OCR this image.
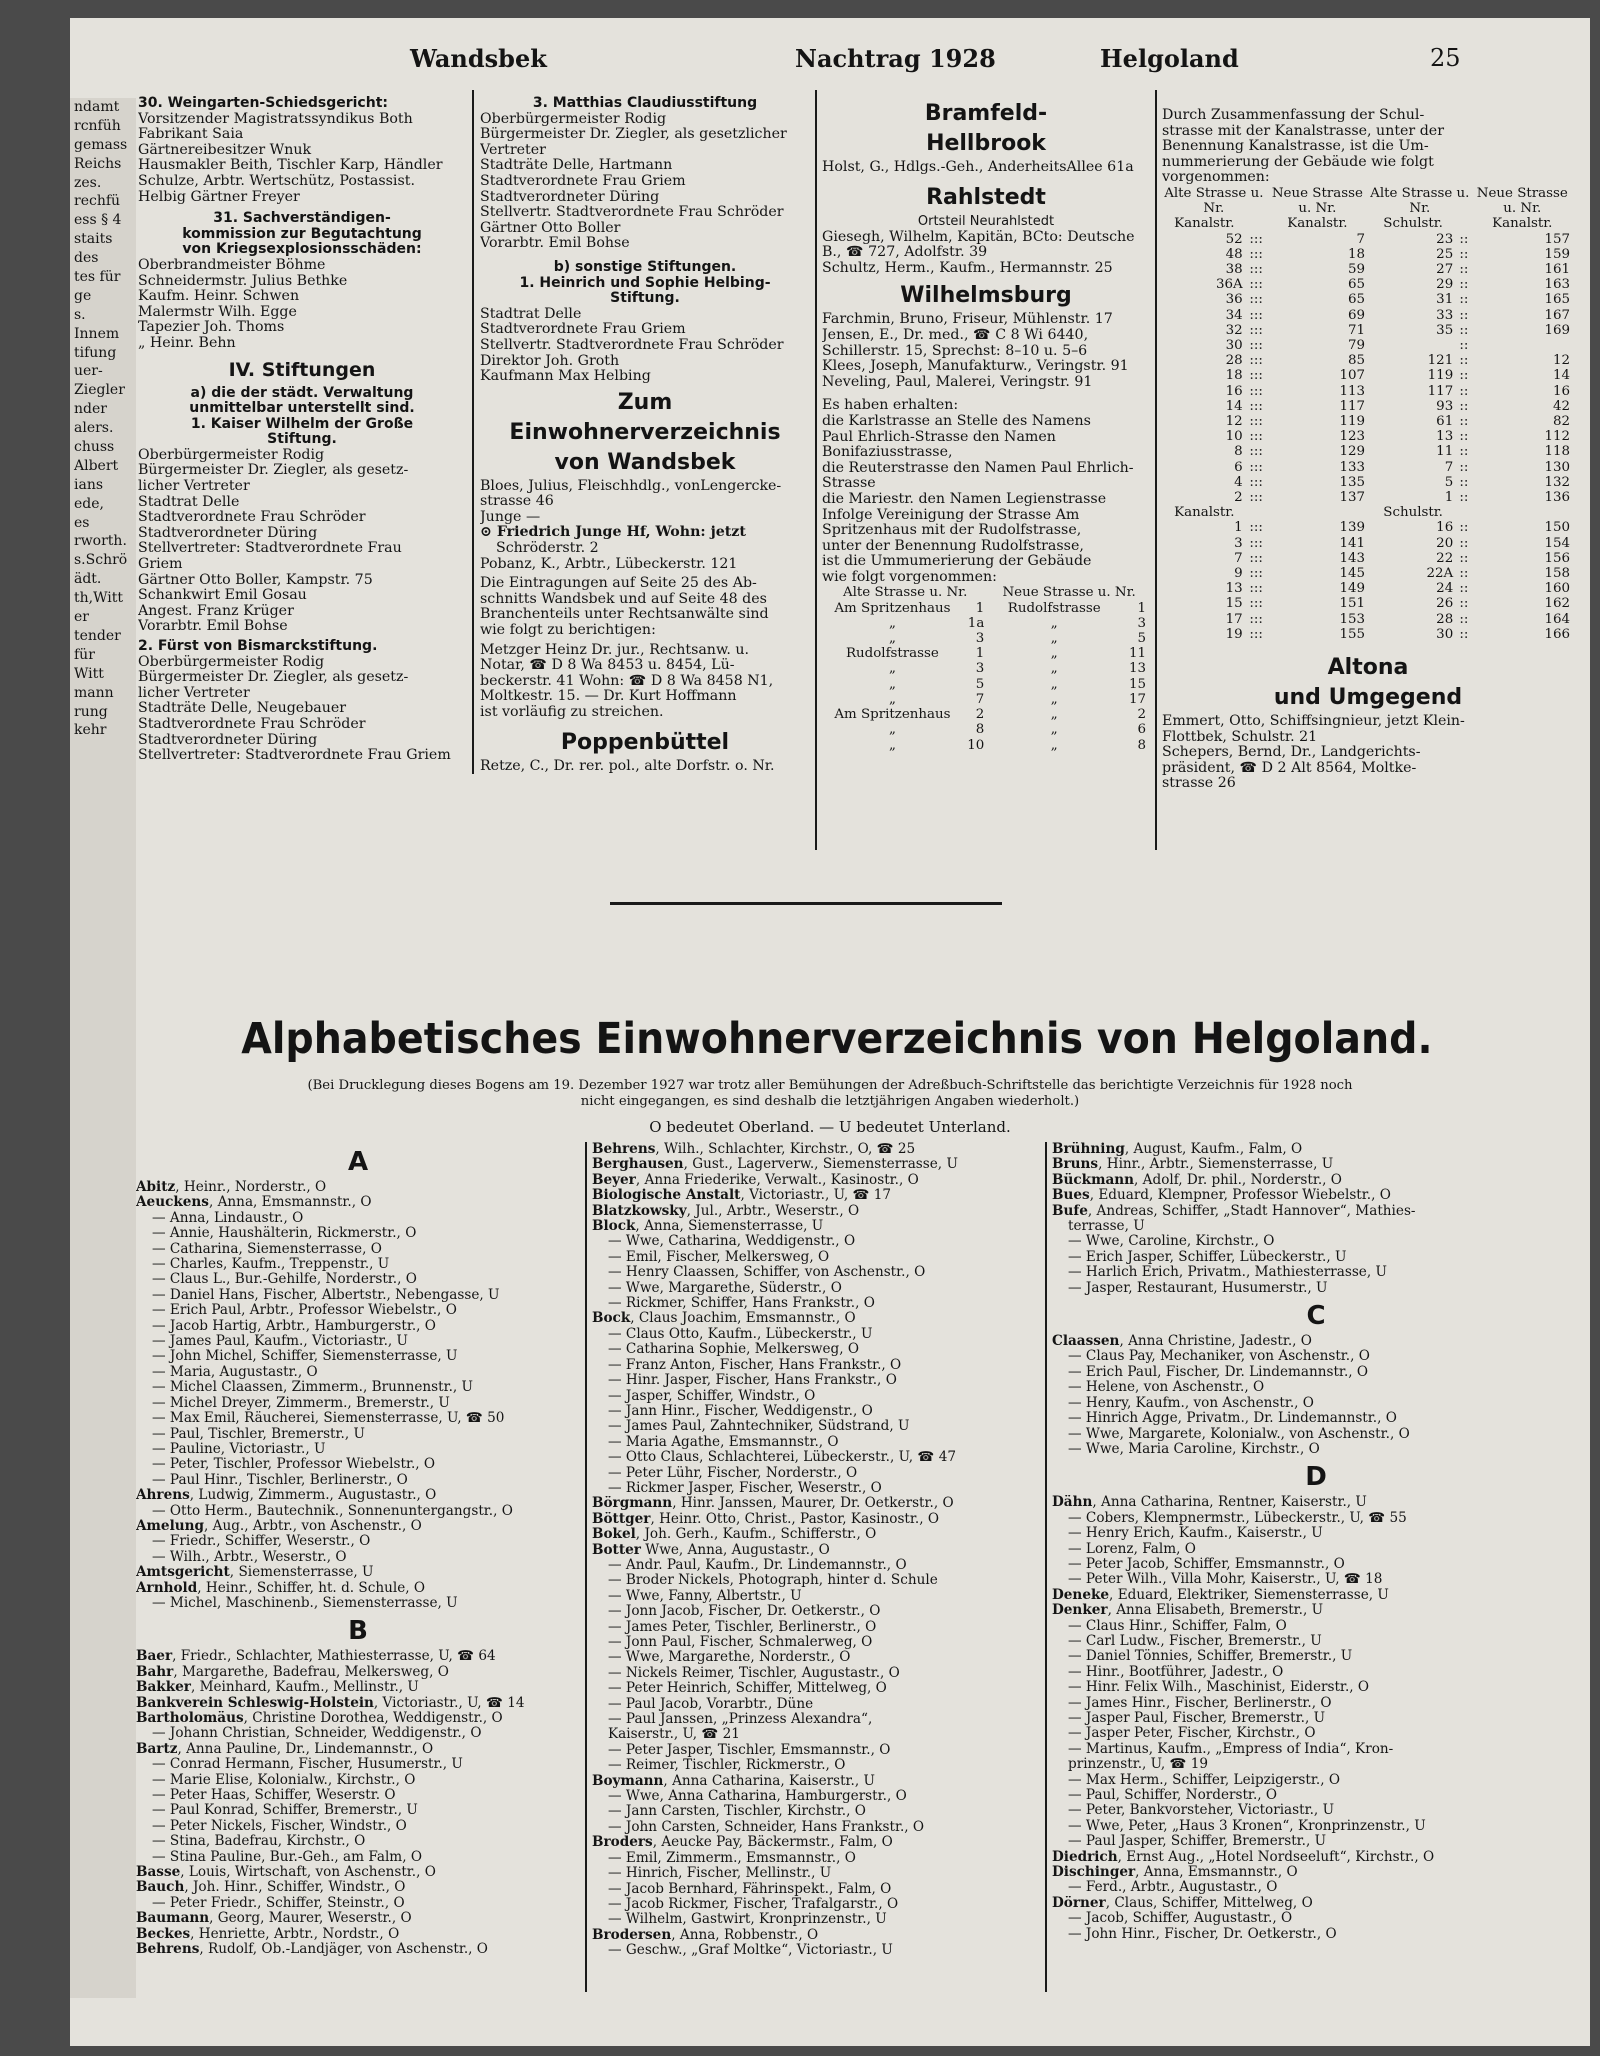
ndamt
rcnfüh
gemass
Reichs
zes.
rechfü
ess § 4
staits
des
tes für
ge
s.
Innem
tifung
uer-
Ziegler
nder
alers.
chuss
Albert
ians
ede,
es
rworth.
s.Schrö
ädt.
th,Witt
er
tender
für
Witt
mann
rung
kehr
Wandsbek	Nachtrag 1928	Helgoland	25
30. Weingarten-Schiedsgericht:
Vorsitzender Magistratssyndikus Both
Fabrikant Saia
Gärtnereibesitzer Wnuk
Hausmakler Beith, Tischler Karp, Händler
Schulze, Arbtr. Wertschütz, Postassist.
Helbig Gärtner Freyer
31. Sachverständigen-
kommission zur Begutachtung
von Kriegsexplosionsschäden:
Oberbrandmeister Böhme
Schneidermstr. Julius Bethke
Kaufm. Heinr. Schwen
Malermstr Wilh. Egge
Tapezier Joh. Thoms
„ Heinr. Behn
IV. Stiftungen
a) die der städt. Verwaltung
unmittelbar unterstellt sind.
1. Kaiser Wilhelm der Große
Stiftung.
Oberbürgermeister Rodig
Bürgermeister Dr. Ziegler, als gesetz-
licher Vertreter
Stadtrat Delle
Stadtverordnete Frau Schröder
Stadtverordneter Düring
Stellvertreter: Stadtverordnete Frau
Griem
Gärtner Otto Boller, Kampstr. 75
Schankwirt Emil Gosau
Angest. Franz Krüger
Vorarbtr. Emil Bohse
2. Fürst von Bismarckstiftung.
Oberbürgermeister Rodig
Bürgermeister Dr. Ziegler, als gesetz-
licher Vertreter
Stadträte Delle, Neugebauer
Stadtverordnete Frau Schröder
Stadtverordneter Düring
Stellvertreter: Stadtverordnete Frau Griem
3. Matthias Claudiusstiftung
Oberbürgermeister Rodig
Bürgermeister Dr. Ziegler, als gesetzlicher
Vertreter
Stadträte Delle, Hartmann
Stadtverordnete Frau Griem
Stadtverordneter Düring
Stellvertr. Stadtverordnete Frau Schröder
Gärtner Otto Boller
Vorarbtr. Emil Bohse
b) sonstige Stiftungen.
1. Heinrich und Sophie Helbing-
Stiftung.
Stadtrat Delle
Stadtverordnete Frau Griem
Stellvertr. Stadtverordnete Frau Schröder
Direktor Joh. Groth
Kaufmann Max Helbing
Zum
Einwohnerverzeichnis
von Wandsbek
Bloes, Julius, Fleischhdlg., vonLengercke-
strasse 46
Junge —
⊙ Friedrich Junge Hf, Wohn: jetzt
Schröderstr. 2
Pobanz, K., Arbtr., Lübeckerstr. 121
Die Eintragungen auf Seite 25 des Ab-
schnitts Wandsbek und auf Seite 48 des
Branchenteils unter Rechtsanwälte sind
wie folgt zu berichtigen:
Metzger Heinz Dr. jur., Rechtsanw. u.
Notar, ☎ D 8 Wa 8453 u. 8454, Lü-
beckerstr. 41 Wohn: ☎ D 8 Wa 8458 N1,
Moltkestr. 15. — Dr. Kurt Hoffmann
ist vorläufig zu streichen.
Poppenbüttel
Retze, C., Dr. rer. pol., alte Dorfstr. o. Nr.
Bramfeld-
Hellbrook
Holst, G., Hdlgs.-Geh., AnderheitsAllee 61a
Rahlstedt
Ortsteil Neurahlstedt
Giesegh, Wilhelm, Kapitän, BCto: Deutsche
B., ☎ 727, Adolfstr. 39
Schultz, Herm., Kaufm., Hermannstr. 25
Wilhelmsburg
Farchmin, Bruno, Friseur, Mühlenstr. 17
Jensen, E., Dr. med., ☎ C 8 Wi 6440,
Schillerstr. 15, Sprechst: 8–10 u. 5–6
Klees, Joseph, Manufakturw., Veringstr. 91
Neveling, Paul, Malerei, Veringstr. 91
Es haben erhalten:
die Karlstrasse an Stelle des Namens
Paul Ehrlich-Strasse den Namen
Bonifaziusstrasse,
die Reuterstrasse den Namen Paul Ehrlich-
Strasse
die Mariestr. den Namen Legienstrasse
Infolge Vereinigung der Strasse Am
Spritzenhaus mit der Rudolfstrasse,
unter der Benennung Rudolfstrasse,
ist die Ummumerierung der Gebäude
wie folgt vorgenommen:
Alte Strasse u. Nr.		Neue Strasse u. Nr.	
Am Spritzenhaus	1	Rudolfstrasse	1
„	1a	„	3
„	3	„	5
Rudolfstrasse	1	„	11
„	3	„	13
„	5	„	15
„	7	„	17
Am Spritzenhaus	2	„	2
„	8	„	6
„	10	„	8
Durch Zusammenfassung der Schul-
strasse mit der Kanalstrasse, unter der
Benennung Kanalstrasse, ist die Um-
nummerierung der Gebäude wie folgt
vorgenommen:
Alte Strasse u. Nr.		Neue Strasse u. Nr.	Alte Strasse u. Nr.		Neue Strasse u. Nr.
Kanalstr.		Kanalstr.	Schulstr.		Kanalstr.
52	:::	7	23	::	157
48	:::	18	25	::	159
38	:::	59	27	::	161
36A	:::	65	29	::	163
36	:::	65	31	::	165
34	:::	69	33	::	167
32	:::	71	35	::	169
30	:::	79		::	
28	:::	85	121	::	12
18	:::	107	119	::	14
16	:::	113	117	::	16
14	:::	117	93	::	42
12	:::	119	61	::	82
10	:::	123	13	::	112
8	:::	129	11	::	118
6	:::	133	7	::	130
4	:::	135	5	::	132
2	:::	137	1	::	136
Kanalstr.			Schulstr.		
1	:::	139	16	::	150
3	:::	141	20	::	154
7	:::	143	22	::	156
9	:::	145	22A	::	158
13	:::	149	24	::	160
15	:::	151	26	::	162
17	:::	153	28	::	164
19	:::	155	30	::	166
Altona
und Umgegend
Emmert, Otto, Schiffsingnieur, jetzt Klein-
Flottbek, Schulstr. 21
Schepers, Bernd, Dr., Landgerichts-
präsident, ☎ D 2 Alt 8564, Moltke-
strasse 26
Alphabetisches Einwohnerverzeichnis von Helgoland.
(Bei Drucklegung dieses Bogens am 19. Dezember 1927 war trotz aller Bemühungen der Adreßbuch-Schriftstelle das berichtigte Verzeichnis für 1928 noch nicht eingegangen, es sind deshalb die letztjährigen Angaben wiederholt.)
O bedeutet Oberland. — U bedeutet Unterland.
A
Abitz, Heinr., Norderstr., O
Aeuckens, Anna, Emsmannstr., O
— Anna, Lindaustr., O
— Annie, Haushälterin, Rickmerstr., O
— Catharina, Siemensterrasse, O
— Charles, Kaufm., Treppenstr., U
— Claus L., Bur.-Gehilfe, Norderstr., O
— Daniel Hans, Fischer, Albertstr., Nebengasse, U
— Erich Paul, Arbtr., Professor Wiebelstr., O
— Jacob Hartig, Arbtr., Hamburgerstr., O
— James Paul, Kaufm., Victoriastr., U
— John Michel, Schiffer, Siemensterrasse, U
— Maria, Augustastr., O
— Michel Claassen, Zimmerm., Brunnenstr., U
— Michel Dreyer, Zimmerm., Bremerstr., U
— Max Emil, Räucherei, Siemensterrasse, U, ☎ 50
— Paul, Tischler, Bremerstr., U
— Pauline, Victoriastr., U
— Peter, Tischler, Professor Wiebelstr., O
— Paul Hinr., Tischler, Berlinerstr., O
Ahrens, Ludwig, Zimmerm., Augustastr., O
— Otto Herm., Bautechnik., Sonnenuntergangstr., O
Amelung, Aug., Arbtr., von Aschenstr., O
— Friedr., Schiffer, Weserstr., O
— Wilh., Arbtr., Weserstr., O
Amtsgericht, Siemensterrasse, U
Arnhold, Heinr., Schiffer, ht. d. Schule, O
— Michel, Maschinenb., Siemensterrasse, U
B
Baer, Friedr., Schlachter, Mathiesterrasse, U, ☎ 64
Bahr, Margarethe, Badefrau, Melkersweg, O
Bakker, Meinhard, Kaufm., Mellinstr., U
Bankverein Schleswig-Holstein, Victoriastr., U, ☎ 14
Bartholomäus, Christine Dorothea, Weddigenstr., O
— Johann Christian, Schneider, Weddigenstr., O
Bartz, Anna Pauline, Dr., Lindemannstr., O
— Conrad Hermann, Fischer, Husumerstr., U
— Marie Elise, Kolonialw., Kirchstr., O
— Peter Haas, Schiffer, Weserstr. O
— Paul Konrad, Schiffer, Bremerstr., U
— Peter Nickels, Fischer, Windstr., O
— Stina, Badefrau, Kirchstr., O
— Stina Pauline, Bur.-Geh., am Falm, O
Basse, Louis, Wirtschaft, von Aschenstr., O
Bauch, Joh. Hinr., Schiffer, Windstr., O
— Peter Friedr., Schiffer, Steinstr., O
Baumann, Georg, Maurer, Weserstr., O
Beckes, Henriette, Arbtr., Nordstr., O
Behrens, Rudolf, Ob.-Landjäger, von Aschenstr., O
Behrens, Wilh., Schlachter, Kirchstr., O, ☎ 25
Berghausen, Gust., Lagerverw., Siemensterrasse, U
Beyer, Anna Friederike, Verwalt., Kasinostr., O
Biologische Anstalt, Victoriastr., U, ☎ 17
Blatzkowsky, Jul., Arbtr., Weserstr., O
Block, Anna, Siemensterrasse, U
— Wwe, Catharina, Weddigenstr., O
— Emil, Fischer, Melkersweg, O
— Henry Claassen, Schiffer, von Aschenstr., O
— Wwe, Margarethe, Süderstr., O
— Rickmer, Schiffer, Hans Frankstr., O
Bock, Claus Joachim, Emsmannstr., O
— Claus Otto, Kaufm., Lübeckerstr., U
— Catharina Sophie, Melkersweg, O
— Franz Anton, Fischer, Hans Frankstr., O
— Hinr. Jasper, Fischer, Hans Frankstr., O
— Jasper, Schiffer, Windstr., O
— Jann Hinr., Fischer, Weddigenstr., O
— James Paul, Zahntechniker, Südstrand, U
— Maria Agathe, Emsmannstr., O
— Otto Claus, Schlachterei, Lübeckerstr., U, ☎ 47
— Peter Lühr, Fischer, Norderstr., O
— Rickmer Jasper, Fischer, Weserstr., O
Börgmann, Hinr. Janssen, Maurer, Dr. Oetkerstr., O
Böttger, Heinr. Otto, Christ., Pastor, Kasinostr., O
Bokel, Joh. Gerh., Kaufm., Schifferstr., O
Botter Wwe, Anna, Augustastr., O
— Andr. Paul, Kaufm., Dr. Lindemannstr., O
— Broder Nickels, Photograph, hinter d. Schule
— Wwe, Fanny, Albertstr., U
— Jonn Jacob, Fischer, Dr. Oetkerstr., O
— James Peter, Tischler, Berlinerstr., O
— Jonn Paul, Fischer, Schmalerweg, O
— Wwe, Margarethe, Norderstr., O
— Nickels Reimer, Tischler, Augustastr., O
— Peter Heinrich, Schiffer, Mittelweg, O
— Paul Jacob, Vorarbtr., Düne
— Paul Janssen, „Prinzess Alexandra“,
Kaiserstr., U, ☎ 21
— Peter Jasper, Tischler, Emsmannstr., O
— Reimer, Tischler, Rickmerstr., O
Boymann, Anna Catharina, Kaiserstr., U
— Wwe, Anna Catharina, Hamburgerstr., O
— Jann Carsten, Tischler, Kirchstr., O
— John Carsten, Schneider, Hans Frankstr., O
Broders, Aeucke Pay, Bäckermstr., Falm, O
— Emil, Zimmerm., Emsmannstr., O
— Hinrich, Fischer, Mellinstr., U
— Jacob Bernhard, Fährinspekt., Falm, O
— Jacob Rickmer, Fischer, Trafalgarstr., O
— Wilhelm, Gastwirt, Kronprinzenstr., U
Brodersen, Anna, Robbenstr., O
— Geschw., „Graf Moltke“, Victoriastr., U
Brühning, August, Kaufm., Falm, O
Bruns, Hinr., Arbtr., Siemensterrasse, U
Bückmann, Adolf, Dr. phil., Norderstr., O
Bues, Eduard, Klempner, Professor Wiebelstr., O
Bufe, Andreas, Schiffer, „Stadt Hannover“, Mathies-
terrasse, U
— Wwe, Caroline, Kirchstr., O
— Erich Jasper, Schiffer, Lübeckerstr., U
— Harlich Erich, Privatm., Mathiesterrasse, U
— Jasper, Restaurant, Husumerstr., U
C
Claassen, Anna Christine, Jadestr., O
— Claus Pay, Mechaniker, von Aschenstr., O
— Erich Paul, Fischer, Dr. Lindemannstr., O
— Helene, von Aschenstr., O
— Henry, Kaufm., von Aschenstr., O
— Hinrich Agge, Privatm., Dr. Lindemannstr., O
— Wwe, Margarete, Kolonialw., von Aschenstr., O
— Wwe, Maria Caroline, Kirchstr., O
D
Dähn, Anna Catharina, Rentner, Kaiserstr., U
— Cobers, Klempnermstr., Lübeckerstr., U, ☎ 55
— Henry Erich, Kaufm., Kaiserstr., U
— Lorenz, Falm, O
— Peter Jacob, Schiffer, Emsmannstr., O
— Peter Wilh., Villa Mohr, Kaiserstr., U, ☎ 18
Deneke, Eduard, Elektriker, Siemensterrasse, U
Denker, Anna Elisabeth, Bremerstr., U
— Claus Hinr., Schiffer, Falm, O
— Carl Ludw., Fischer, Bremerstr., U
— Daniel Tönnies, Schiffer, Bremerstr., U
— Hinr., Bootführer, Jadestr., O
— Hinr. Felix Wilh., Maschinist, Eiderstr., O
— James Hinr., Fischer, Berlinerstr., O
— Jasper Paul, Fischer, Bremerstr., U
— Jasper Peter, Fischer, Kirchstr., O
— Martinus, Kaufm., „Empress of India“, Kron-
prinzenstr., U, ☎ 19
— Max Herm., Schiffer, Leipzigerstr., O
— Paul, Schiffer, Norderstr., O
— Peter, Bankvorsteher, Victoriastr., U
— Wwe, Peter, „Haus 3 Kronen“, Kronprinzenstr., U
— Paul Jasper, Schiffer, Bremerstr., U
Diedrich, Ernst Aug., „Hotel Nordseeluft“, Kirchstr., O
Dischinger, Anna, Emsmannstr., O
— Ferd., Arbtr., Augustastr., O
Dörner, Claus, Schiffer, Mittelweg, O
— Jacob, Schiffer, Augustastr., O
— John Hinr., Fischer, Dr. Oetkerstr., O
